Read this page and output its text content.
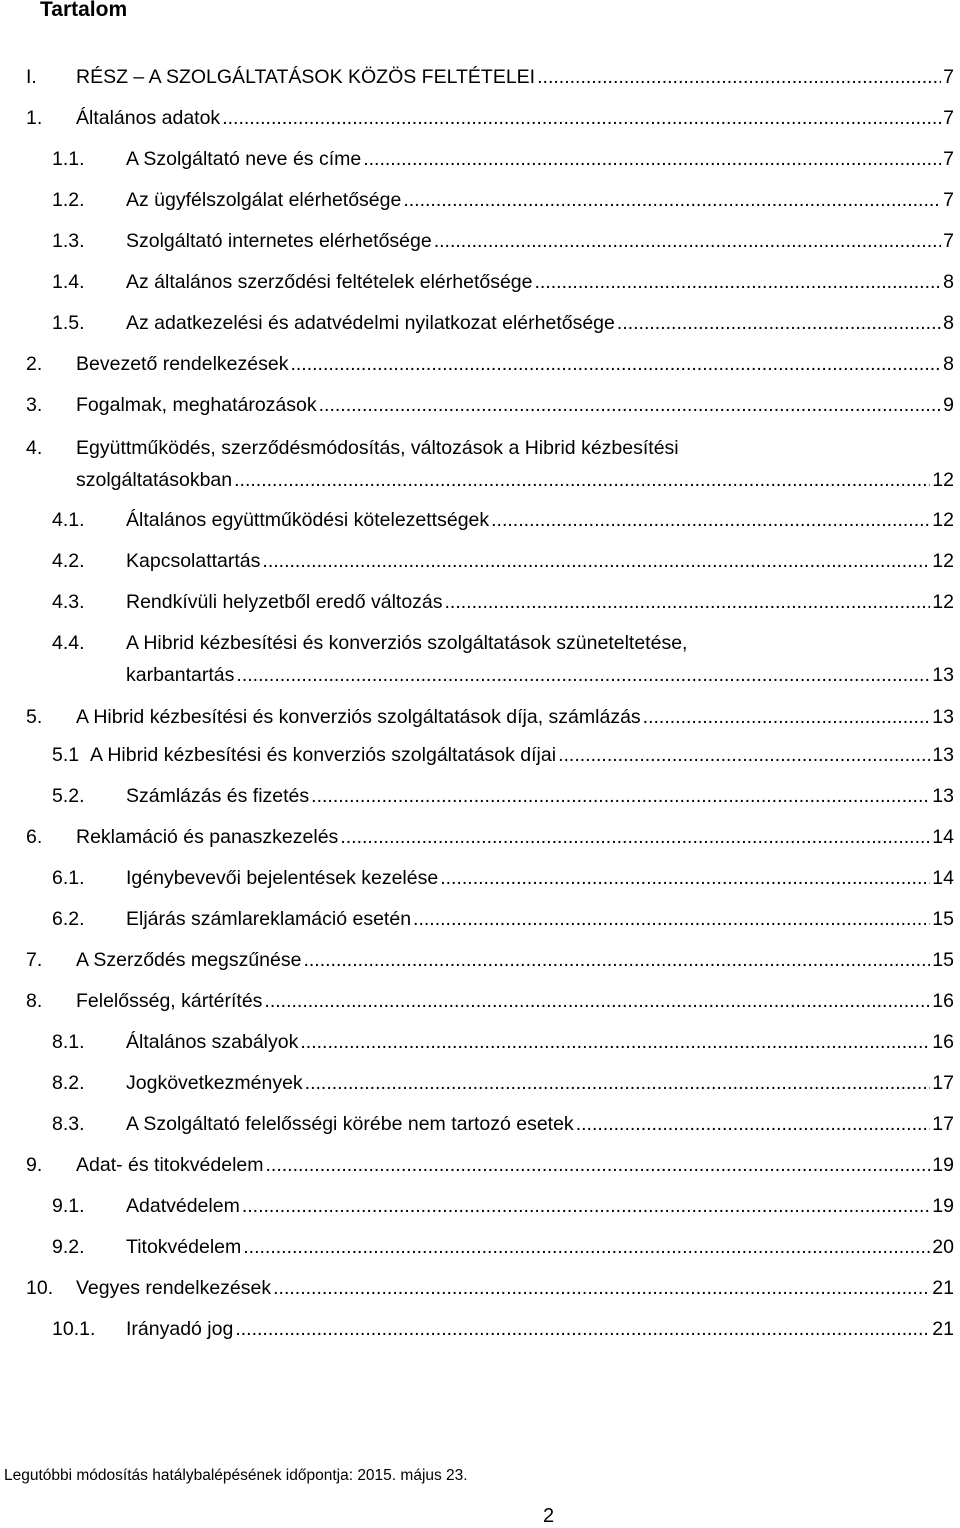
Tartalom
I. RÉSZ – A SZOLGÁLTATÁSOK KÖZÖS FELTÉTELEI .....	7
1. Általános adatok .....	7
1.1. A Szolgáltató neve és címe .....	7
1.2. Az ügyfélszolgálat elérhetősége .....	7
1.3. Szolgáltató internetes elérhetősége .....	7
1.4. Az általános szerződési feltételek elérhetősége .....	8
1.5. Az adatkezelési és adatvédelmi nyilatkozat elérhetősége .....	8
2. Bevezető rendelkezések .....	8
3. Fogalmak, meghatározások .....	9
4. Együttműködés, szerződésmódosítás, változások a Hibrid kézbesítési
szolgáltatásokban .....	12
4.1. Általános együttműködési kötelezettségek .....	12
4.2. Kapcsolattartás .....	12
4.3. Rendkívüli helyzetből eredő változás .....	12
4.4. A Hibrid kézbesítési és konverziós szolgáltatások szüneteltetése,
karbantartás .....	13
5. A Hibrid kézbesítési és konverziós szolgáltatások díja, számlázás .....	13
5.1 A Hibrid kézbesítési és konverziós szolgáltatások díjai .....	13
5.2. Számlázás és fizetés .....	13
6. Reklamáció és panaszkezelés .....	14
6.1. Igénybevevői bejelentések kezelése .....	14
6.2. Eljárás számlareklamáció esetén .....	15
7. A Szerződés megszűnése .....	15
8. Felelősség, kártérítés .....	16
8.1. Általános szabályok .....	16
8.2. Jogkövetkezmények .....	17
8.3. A Szolgáltató felelősségi körébe nem tartozó esetek .....	17
9. Adat- és titokvédelem .....	19
9.1. Adatvédelem .....	19
9.2. Titokvédelem .....	20
10. Vegyes rendelkezések .....	21
10.1. Irányadó jog .....	21
Legutóbbi módosítás hatálybalépésének időpontja: 2015. május 23.
2
